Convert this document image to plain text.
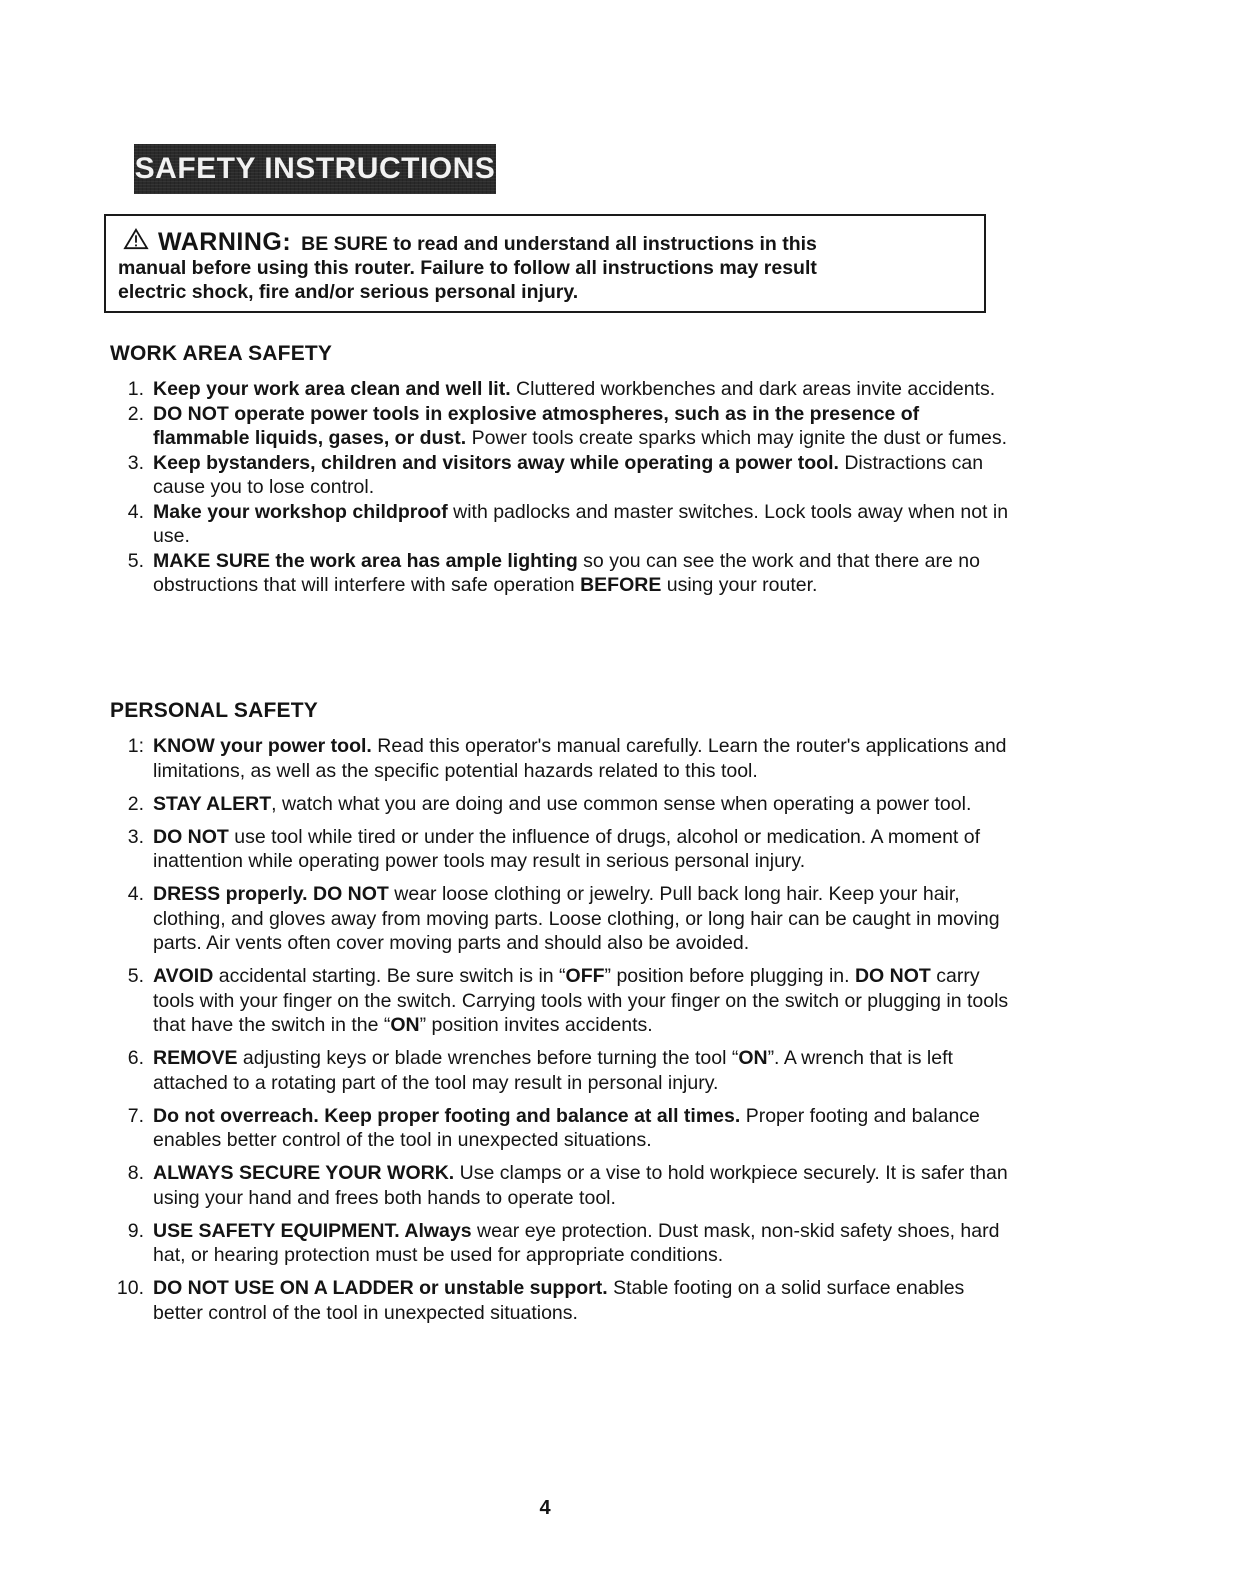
SAFETY INSTRUCTIONS
WARNING: BE SURE to read and understand all instructions in this
manual before using this router. Failure to follow all instructions may result
electric shock, fire and/or serious personal injury.
WORK AREA SAFETY
1. Keep your work area clean and well lit. Cluttered workbenches and dark areas invite accidents.
2. DO NOT operate power tools in explosive atmospheres, such as in the presence of flammable liquids, gases, or dust. Power tools create sparks which may ignite the dust or fumes.
3. Keep bystanders, children and visitors away while operating a power tool. Distractions can cause you to lose control.
4. Make your workshop childproof with padlocks and master switches. Lock tools away when not in use.
5. MAKE SURE the work area has ample lighting so you can see the work and that there are no obstructions that will interfere with safe operation BEFORE using your router.
PERSONAL SAFETY
1: KNOW your power tool. Read this operator's manual carefully. Learn the router's applications and limitations, as well as the specific potential hazards related to this tool.
2. STAY ALERT, watch what you are doing and use common sense when operating a power tool.
3. DO NOT use tool while tired or under the influence of drugs, alcohol or medication. A moment of inattention while operating power tools may result in serious personal injury.
4. DRESS properly. DO NOT wear loose clothing or jewelry. Pull back long hair. Keep your hair, clothing, and gloves away from moving parts. Loose clothing, or long hair can be caught in moving parts. Air vents often cover moving parts and should also be avoided.
5. AVOID accidental starting. Be sure switch is in “OFF” position before plugging in. DO NOT carry tools with your finger on the switch. Carrying tools with your finger on the switch or plugging in tools that have the switch in the “ON” position invites accidents.
6. REMOVE adjusting keys or blade wrenches before turning the tool “ON”. A wrench that is left attached to a rotating part of the tool may result in personal injury.
7. Do not overreach. Keep proper footing and balance at all times. Proper footing and balance enables better control of the tool in unexpected situations.
8. ALWAYS SECURE YOUR WORK. Use clamps or a vise to hold workpiece securely. It is safer than using your hand and frees both hands to operate tool.
9. USE SAFETY EQUIPMENT. Always wear eye protection. Dust mask, non-skid safety shoes, hard hat, or hearing protection must be used for appropriate conditions.
10. DO NOT USE ON A LADDER or unstable support. Stable footing on a solid surface enables better control of the tool in unexpected situations.
4
